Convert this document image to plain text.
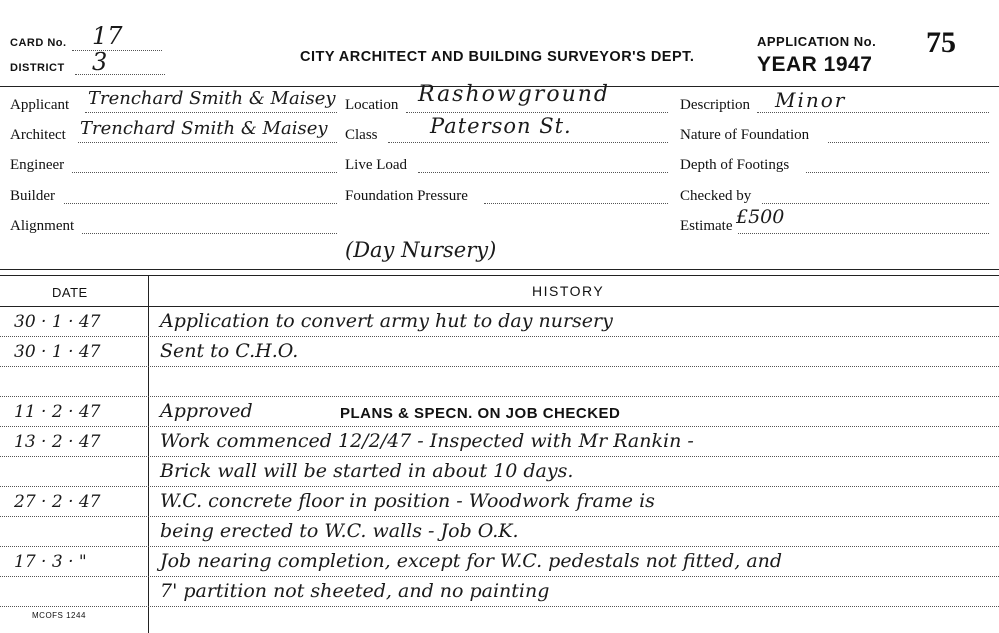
CARD No. 17
DISTRICT 3	CITY ARCHITECT AND BUILDING SURVEYOR'S DEPT.
APPLICATION No. 75
YEAR 1947
Applicant Trenchard Smith & Maisey
Architect Trenchard Smith & Maisey
Engineer
Builder
Alignment
Location Rashowground
Class Paterson St.
Live Load
Foundation Pressure
(Day Nursery)
Description Minor
Nature of Foundation
Depth of Footings
Checked by
Estimate £500
DATE	HISTORY
30 · 1 · 47	Application to convert army hut to day nursery
30 · 1 · 47	Sent to C.H.O.
11 · 2 · 47	Approved
13 · 2 · 47	Work commenced 12/2/47 - Inspected with Mr Rankin -
Brick wall will be started in about 10 days.
27 · 2 · 47	W.C. concrete floor in position - Woodwork frame is
being erected to W.C. walls - Job O.K.
17 · 3 · "	Job nearing completion, except for W.C. pedestals not fitted, and
7' partition not sheeted, and no painting
PLANS & SPECN. ON JOB CHECKED
MCOFS 1244
